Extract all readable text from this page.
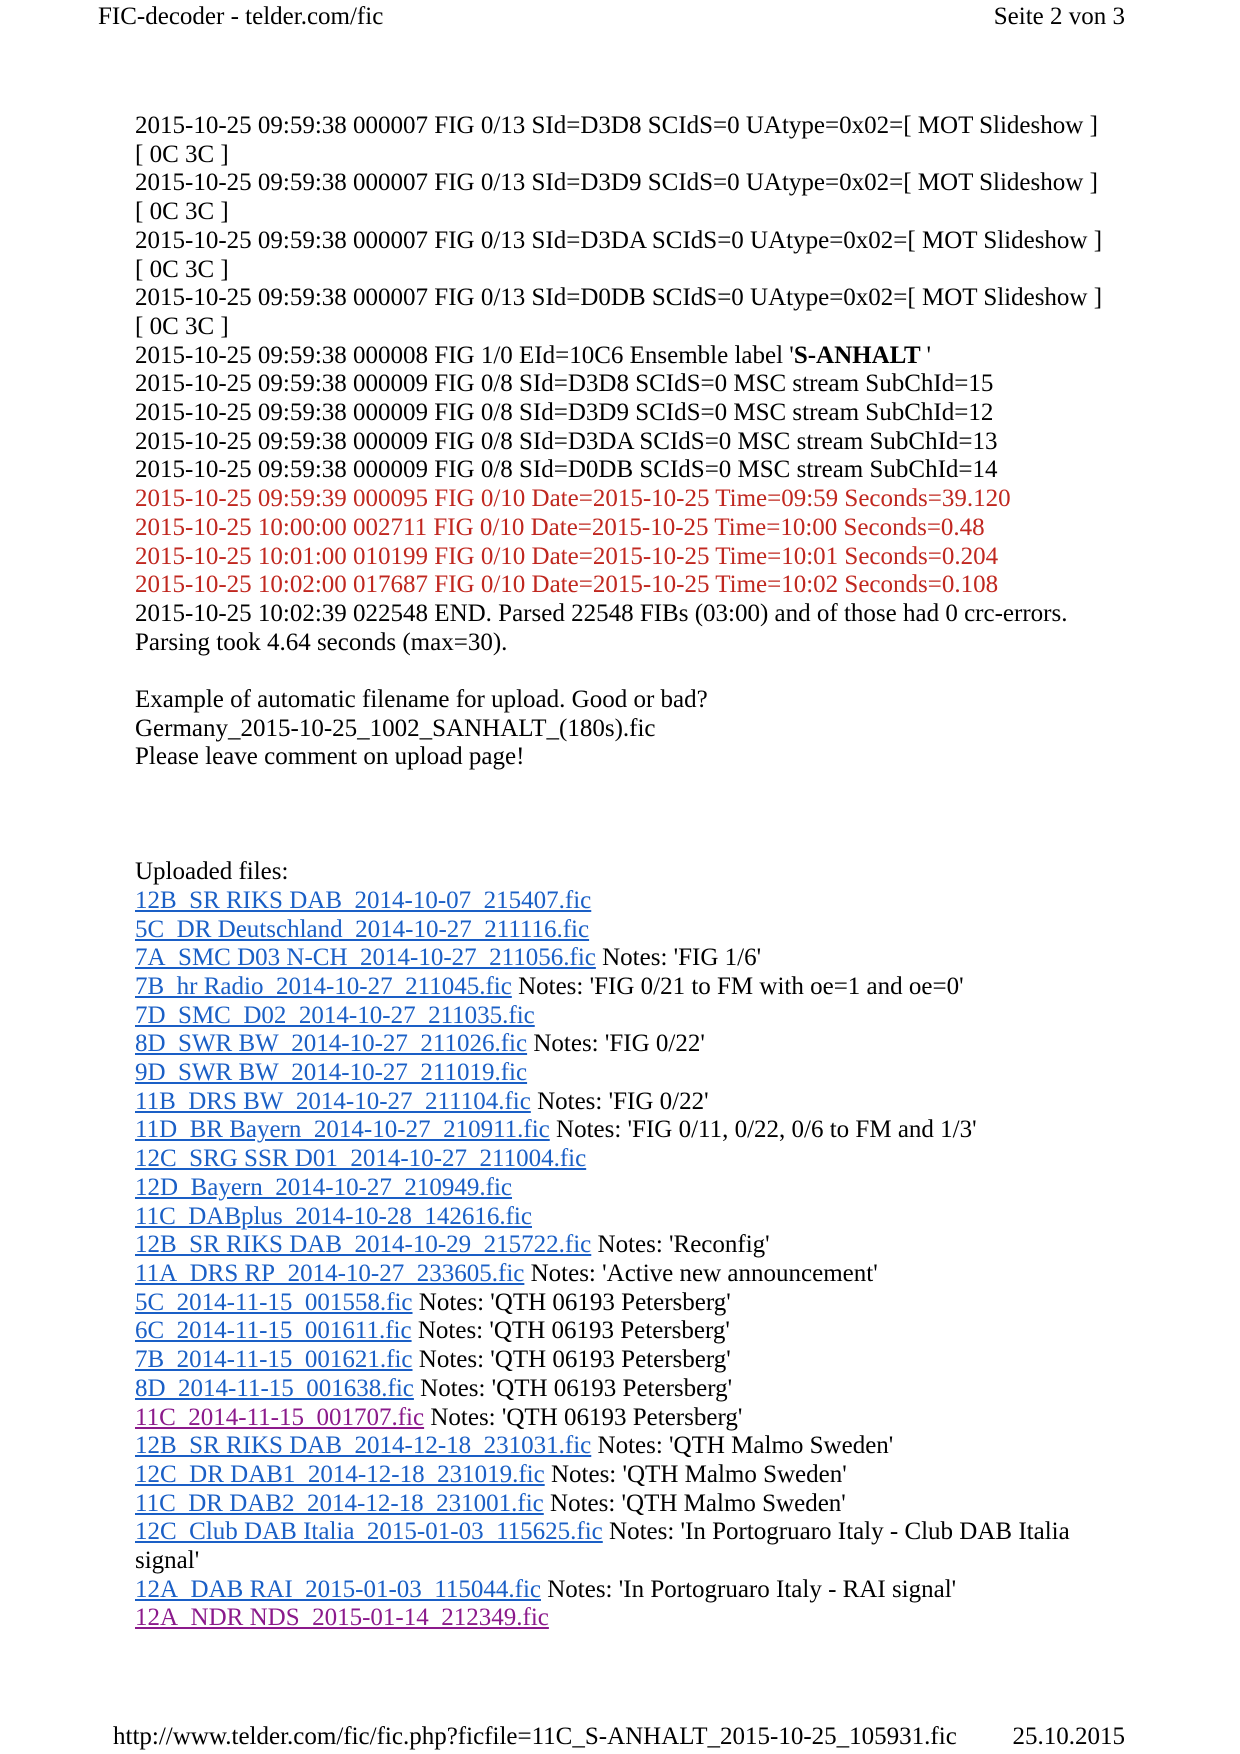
FIC-decoder - telder.com/fic	Seite 2 von 3
2015-10-25 09:59:38 000007 FIG 0/13 SId=D3D8 SCIdS=0 UAtype=0x02=[ MOT Slideshow ]
[ 0C 3C ]
2015-10-25 09:59:38 000007 FIG 0/13 SId=D3D9 SCIdS=0 UAtype=0x02=[ MOT Slideshow ]
[ 0C 3C ]
2015-10-25 09:59:38 000007 FIG 0/13 SId=D3DA SCIdS=0 UAtype=0x02=[ MOT Slideshow ]
[ 0C 3C ]
2015-10-25 09:59:38 000007 FIG 0/13 SId=D0DB SCIdS=0 UAtype=0x02=[ MOT Slideshow ]
[ 0C 3C ]
2015-10-25 09:59:38 000008 FIG 1/0 EId=10C6 Ensemble label 'S-ANHALT '
2015-10-25 09:59:38 000009 FIG 0/8 SId=D3D8 SCIdS=0 MSC stream SubChId=15
2015-10-25 09:59:38 000009 FIG 0/8 SId=D3D9 SCIdS=0 MSC stream SubChId=12
2015-10-25 09:59:38 000009 FIG 0/8 SId=D3DA SCIdS=0 MSC stream SubChId=13
2015-10-25 09:59:38 000009 FIG 0/8 SId=D0DB SCIdS=0 MSC stream SubChId=14
2015-10-25 09:59:39 000095 FIG 0/10 Date=2015-10-25 Time=09:59 Seconds=39.120
2015-10-25 10:00:00 002711 FIG 0/10 Date=2015-10-25 Time=10:00 Seconds=0.48
2015-10-25 10:01:00 010199 FIG 0/10 Date=2015-10-25 Time=10:01 Seconds=0.204
2015-10-25 10:02:00 017687 FIG 0/10 Date=2015-10-25 Time=10:02 Seconds=0.108
2015-10-25 10:02:39 022548 END. Parsed 22548 FIBs (03:00) and of those had 0 crc-errors.
Parsing took 4.64 seconds (max=30).
Example of automatic filename for upload. Good or bad?
Germany_2015-10-25_1002_SANHALT_(180s).fic
Please leave comment on upload page!
Uploaded files:
12B_SR RIKS DAB_2014-10-07_215407.fic
5C_DR Deutschland_2014-10-27_211116.fic
7A_SMC D03 N-CH_2014-10-27_211056.fic Notes: 'FIG 1/6'
7B_hr Radio_2014-10-27_211045.fic Notes: 'FIG 0/21 to FM with oe=1 and oe=0'
7D_SMC_D02_2014-10-27_211035.fic
8D_SWR BW_2014-10-27_211026.fic Notes: 'FIG 0/22'
9D_SWR BW_2014-10-27_211019.fic
11B_DRS BW_2014-10-27_211104.fic Notes: 'FIG 0/22'
11D_BR Bayern_2014-10-27_210911.fic Notes: 'FIG 0/11, 0/22, 0/6 to FM and 1/3'
12C_SRG SSR D01_2014-10-27_211004.fic
12D_Bayern_2014-10-27_210949.fic
11C_DABplus_2014-10-28_142616.fic
12B_SR RIKS DAB_2014-10-29_215722.fic Notes: 'Reconfig'
11A_DRS RP_2014-10-27_233605.fic Notes: 'Active new announcement'
5C_2014-11-15_001558.fic Notes: 'QTH 06193 Petersberg'
6C_2014-11-15_001611.fic Notes: 'QTH 06193 Petersberg'
7B_2014-11-15_001621.fic Notes: 'QTH 06193 Petersberg'
8D_2014-11-15_001638.fic Notes: 'QTH 06193 Petersberg'
11C_2014-11-15_001707.fic Notes: 'QTH 06193 Petersberg'
12B_SR RIKS DAB_2014-12-18_231031.fic Notes: 'QTH Malmo Sweden'
12C_DR DAB1_2014-12-18_231019.fic Notes: 'QTH Malmo Sweden'
11C_DR DAB2_2014-12-18_231001.fic Notes: 'QTH Malmo Sweden'
12C_Club DAB Italia_2015-01-03_115625.fic Notes: 'In Portogruaro Italy - Club DAB Italia
signal'
12A_DAB RAI_2015-01-03_115044.fic Notes: 'In Portogruaro Italy - RAI signal'
12A_NDR NDS_2015-01-14_212349.fic
http://www.telder.com/fic/fic.php?ficfile=11C_S-ANHALT_2015-10-25_105931.fic 25.10.2015
